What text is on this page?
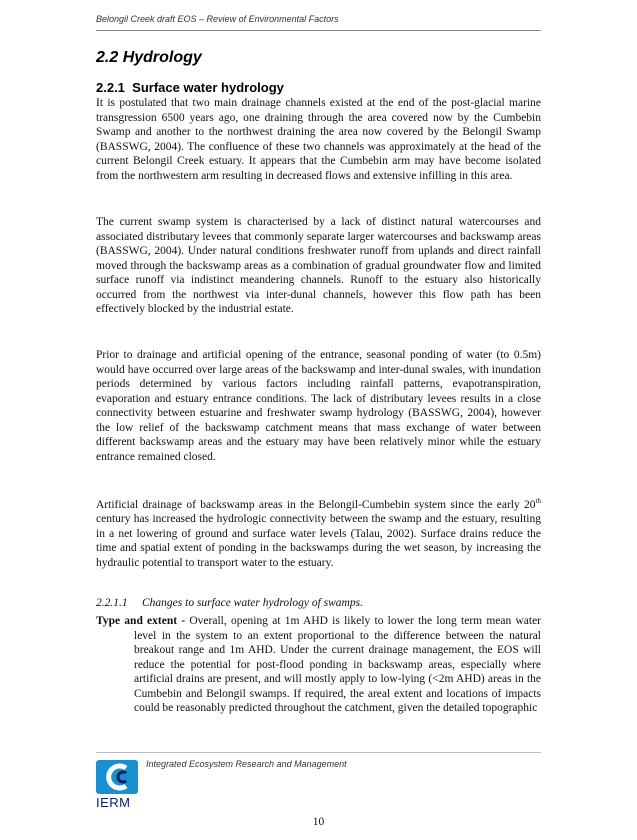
Belongil Creek draft EOS – Review of Environmental Factors
2.2 Hydrology
2.2.1 Surface water hydrology

It is postulated that two main drainage channels existed at the end of the post-glacial marine transgression 6500 years ago, one draining through the area covered now by the Cumbebin Swamp and another to the northwest draining the area now covered by the Belongil Swamp (BASSWG, 2004). The confluence of these two channels was approximately at the head of the current Belongil Creek estuary. It appears that the Cumbebin arm may have become isolated from the northwestern arm resulting in decreased flows and extensive infilling in this area.

The current swamp system is characterised by a lack of distinct natural watercourses and associated distributary levees that commonly separate larger watercourses and backswamp areas (BASSWG, 2004). Under natural conditions freshwater runoff from uplands and direct rainfall moved through the backswamp areas as a combination of gradual groundwater flow and limited surface runoff via indistinct meandering channels. Runoff to the estuary also historically occurred from the northwest via inter-dunal channels, however this flow path has been effectively blocked by the industrial estate.

Prior to drainage and artificial opening of the entrance, seasonal ponding of water (to 0.5m) would have occurred over large areas of the backswamp and inter-dunal swales, with inundation periods determined by various factors including rainfall patterns, evapotranspiration, evaporation and estuary entrance conditions. The lack of distributary levees results in a close connectivity between estuarine and freshwater swamp hydrology (BASSWG, 2004), however the low relief of the backswamp catchment means that mass exchange of water between different backswamp areas and the estuary may have been relatively minor while the estuary entrance remained closed.

Artificial drainage of backswamp areas in the Belongil-Cumbebin system since the early 20th century has increased the hydrologic connectivity between the swamp and the estuary, resulting in a net lowering of ground and surface water levels (Talau, 2002). Surface drains reduce the time and spatial extent of ponding in the backswamps during the wet season, by increasing the hydraulic potential to transport water to the estuary.

2.2.1.1 Changes to surface water hydrology of swamps.

Type and extent - Overall, opening at 1m AHD is likely to lower the long term mean water level in the system to an extent proportional to the difference between the natural breakout range and 1m AHD. Under the current drainage management, the EOS will reduce the potential for post-flood ponding in backswamp areas, especially where artificial drains are present, and will mostly apply to low-lying (<2m AHD) areas in the Cumbebin and Belongil swamps. If required, the areal extent and locations of impacts could be reasonably predicted throughout the catchment, given the detailed topographic

Integrated Ecosystem Research and Management
IERM
10
